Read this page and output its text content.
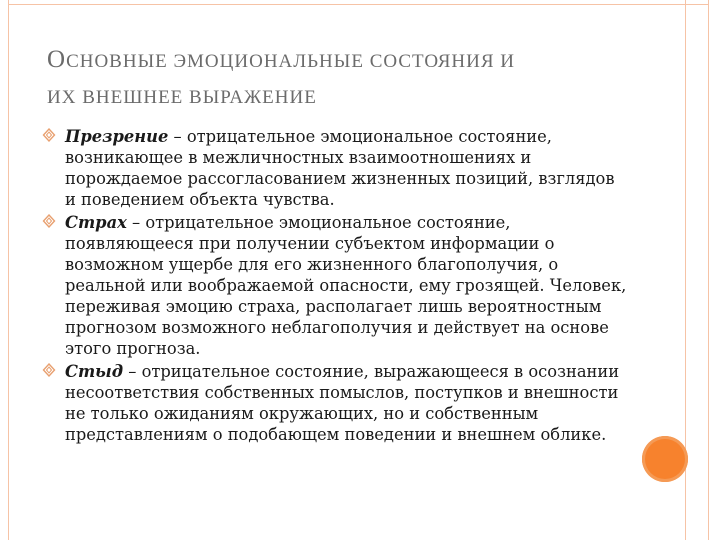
ОСНОВНЫЕ ЭМОЦИОНАЛЬНЫЕ СОСТОЯНИЯ И
ИХ ВНЕШНЕЕ ВЫРАЖЕНИЕ
Презрение – отрицательное эмоциональное состояние, возникающее в межличностных взаимоотношениях и порождаемое рассогласованием жизненных позиций, взглядов и поведением объекта чувства.
Страх – отрицательное эмоциональное состояние, появляющееся при получении субъектом информации о возможном ущербе для его жизненного благополучия, о реальной или воображаемой опасности, ему грозящей. Человек, переживая эмоцию страха, располагает лишь вероятностным прогнозом возможного неблагополучия и действует на основе этого прогноза.
Стыд – отрицательное состояние, выражающееся в осознании несоответствия собственных помыслов, поступков и внешности не только ожиданиям окружающих, но и собственным представлениям о подобающем поведении и внешнем облике.
